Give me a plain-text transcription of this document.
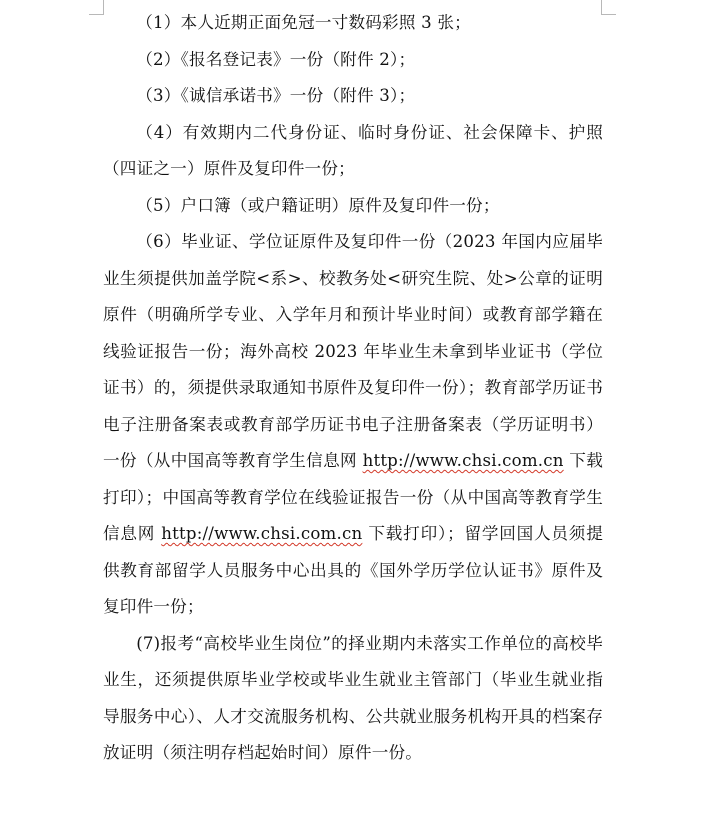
（1）本人近期正面免冠一寸数码彩照 3 张；

（2）《报名登记表》一份（附件 2）；

（3）《诚信承诺书》一份（附件 3）；

（4）有效期内二代身份证、临时身份证、社会保障卡、护照（四证之一）原件及复印件一份；

（5）户口簿（或户籍证明）原件及复印件一份；

（6）毕业证、学位证原件及复印件一份（2023 年国内应届毕业生须提供加盖学院<系>、校教务处<研究生院、处>公章的证明原件（明确所学专业、入学年月和预计毕业时间）或教育部学籍在线验证报告一份；海外高校 2023 年毕业生未拿到毕业证书（学位证书）的，须提供录取通知书原件及复印件一份）；教育部学历证书电子注册备案表或教育部学历证书电子注册备案表（学历证明书）一份（从中国高等教育学生信息网 http://www.chsi.com.cn 下载打印）；中国高等教育学位在线验证报告一份（从中国高等教育学生信息网 http://www.chsi.com.cn 下载打印）；留学回国人员须提供教育部留学人员服务中心出具的《国外学历学位认证书》原件及复印件一份；

(7)报考“高校毕业生岗位”的择业期内未落实工作单位的高校毕业生，还须提供原毕业学校或毕业生就业主管部门（毕业生就业指导服务中心）、人才交流服务机构、公共就业服务机构开具的档案存放证明（须注明存档起始时间）原件一份。
